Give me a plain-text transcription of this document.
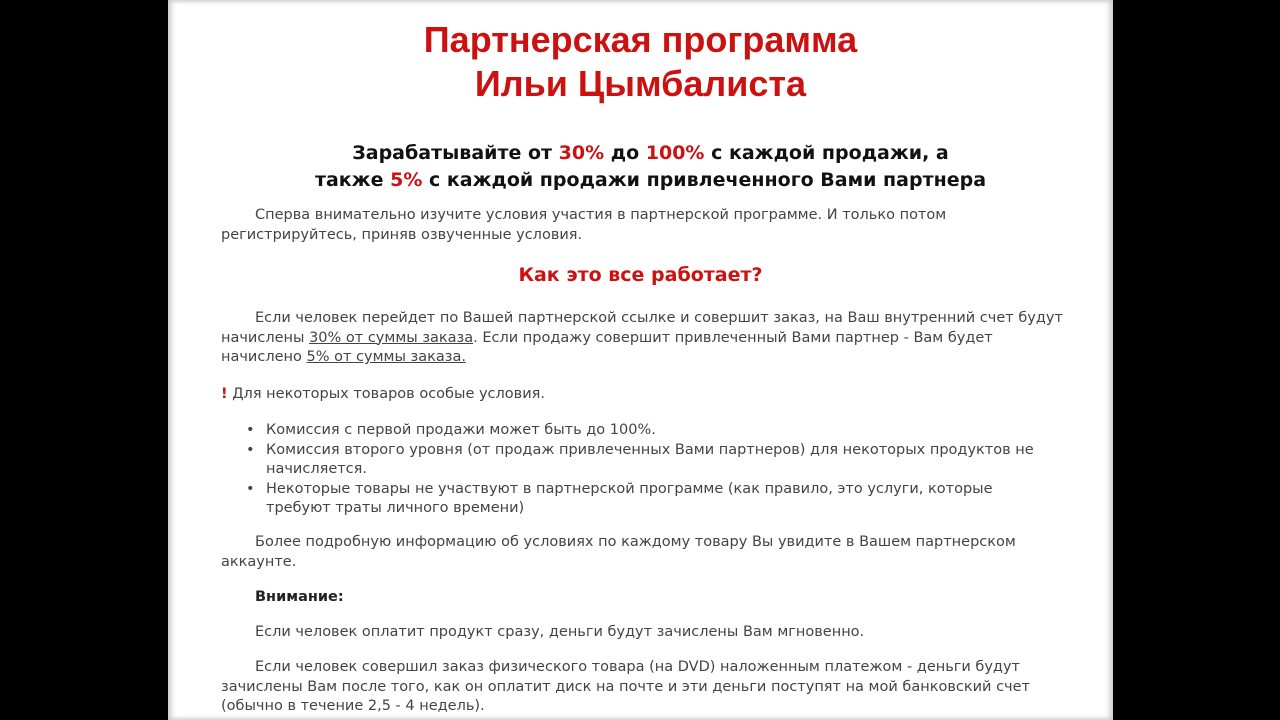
Партнерская программа
Ильи Цымбалиста

Зарабатывайте от 30% до 100% с каждой продажи, а
также 5% с каждой продажи привлеченного Вами партнера

Сперва внимательно изучите условия участия в партнерской программе. И только потом регистрируйтесь, приняв озвученные условия.

Как это все работает?

Если человек перейдет по Вашей партнерской ссылке и совершит заказ, на Ваш внутренний счет будут начислены 30% от суммы заказа. Если продажу совершит привлеченный Вами партнер - Вам будет начислено 5% от суммы заказа.

! Для некоторых товаров особые условия.

• Комиссия с первой продажи может быть до 100%.
• Комиссия второго уровня (от продаж привлеченных Вами партнеров) для некоторых продуктов не начисляется.
• Некоторые товары не участвуют в партнерской программе (как правило, это услуги, которые требуют траты личного времени)

Более подробную информацию об условиях по каждому товару Вы увидите в Вашем партнерском аккаунте.

Внимание:

Если человек оплатит продукт сразу, деньги будут зачислены Вам мгновенно.

Если человек совершил заказ физического товара (на DVD) наложенным платежом - деньги будут зачислены Вам после того, как он оплатит диск на почте и эти деньги поступят на мой банковский счет (обычно в течение 2,5 - 4 недель).
